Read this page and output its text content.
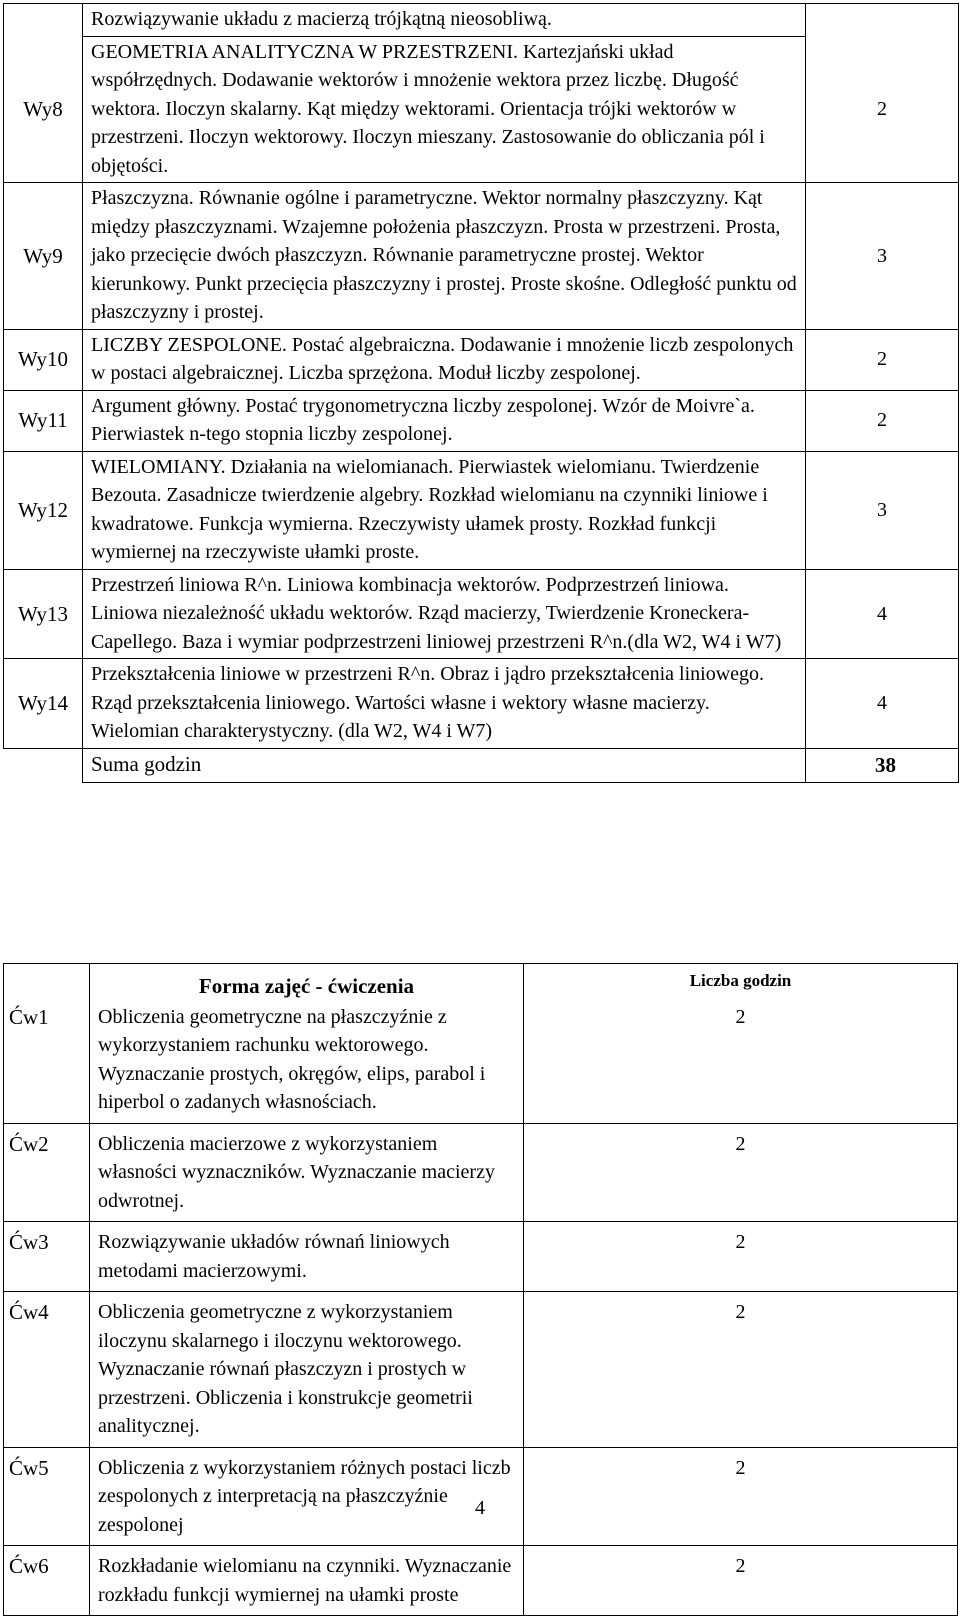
	Rozwiązywanie układu z macierzą trójkątną nieosobliwą.	
Wy8	GEOMETRIA ANALITYCZNA W PRZESTRZENI. Kartezjański układ współrzędnych. Dodawanie wektorów i mnożenie wektora przez liczbę. Długość wektora. Iloczyn skalarny. Kąt między wektorami. Orientacja trójki wektorów w przestrzeni. Iloczyn wektorowy. Iloczyn mieszany. Zastosowanie do obliczania pól i objętości.	2
Wy9	Płaszczyzna. Równanie ogólne i parametryczne. Wektor normalny płaszczyzny. Kąt między płaszczyznami. Wzajemne położenia płaszczyzn. Prosta w przestrzeni. Prosta, jako przecięcie dwóch płaszczyzn. Równanie parametryczne prostej. Wektor kierunkowy. Punkt przecięcia płaszczyzny i prostej. Proste skośne. Odległość punktu od płaszczyzny i prostej.	3
Wy10	LICZBY ZESPOLONE. Postać algebraiczna. Dodawanie i mnożenie liczb zespolonych w postaci algebraicznej. Liczba sprzężona. Moduł liczby zespolonej.	2
Wy11	Argument główny. Postać trygonometryczna liczby zespolonej. Wzór de Moivre`a. Pierwiastek n-tego stopnia liczby zespolonej.	2
Wy12	WIELOMIANY. Działania na wielomianach. Pierwiastek wielomianu. Twierdzenie Bezouta. Zasadnicze twierdzenie algebry. Rozkład wielomianu na czynniki liniowe i kwadratowe. Funkcja wymierna. Rzeczywisty ułamek prosty. Rozkład funkcji wymiernej na rzeczywiste ułamki proste.	3
Wy13	Przestrzeń liniowa R^n. Liniowa kombinacja wektorów. Podprzestrzeń liniowa. Liniowa niezależność układu wektorów. Rząd macierzy, Twierdzenie Kroneckera-Capellego. Baza i wymiar podprzestrzeni liniowej przestrzeni R^n.(dla W2, W4 i W7)	4
Wy14	Przekształcenia liniowe w przestrzeni R^n. Obraz i jądro przekształcenia liniowego. Rząd przekształcenia liniowego. Wartości własne i wektory własne macierzy. Wielomian charakterystyczny. (dla W2, W4 i W7)	4
	Suma godzin	38
	Forma zajęć - ćwiczenia	Liczba godzin
Ćw1	Obliczenia geometryczne na płaszczyźnie z wykorzystaniem rachunku wektorowego. Wyznaczanie prostych, okręgów, elips, parabol i hiperbol o zadanych własnościach.	2
Ćw2	Obliczenia macierzowe z wykorzystaniem własności wyznaczników. Wyznaczanie macierzy odwrotnej.	2
Ćw3	Rozwiązywanie układów równań liniowych metodami macierzowymi.	2
Ćw4	Obliczenia geometryczne z wykorzystaniem iloczynu skalarnego i iloczynu wektorowego. Wyznaczanie równań płaszczyzn i prostych w przestrzeni. Obliczenia i konstrukcje geometrii analitycznej.	2
Ćw5	Obliczenia z wykorzystaniem różnych postaci liczb zespolonych z interpretacją na płaszczyźnie zespolonej	2
Ćw6	Rozkładanie wielomianu na czynniki. Wyznaczanie rozkładu funkcji wymiernej na ułamki proste	2
4
